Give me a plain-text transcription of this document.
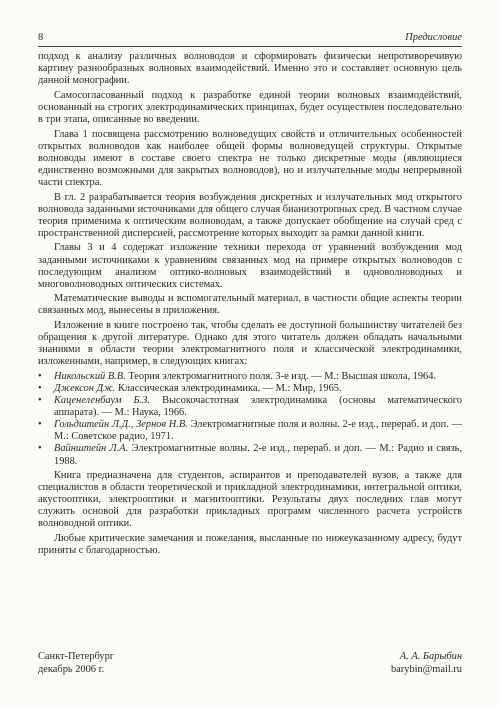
8	Предисловие

подход к анализу различных волноводов и сформировать физически непротиворечивую картину разнообразных волновых взаимодействий. Именно это и составляет основную цель данной монографии.

Самосогласованный подход к разработке единой теории волновых взаимодействий, основанный на строгих электродинамических принципах, будет осуществлен последовательно в три этапа, описанные во введении.

Глава 1 посвящена рассмотрению волноведущих свойств и отличительных особенностей открытых волноводов как наиболее общей формы волноведущей структуры. Открытые волноводы имеют в составе своего спектра не только дискретные моды (являющиеся единственно возможными для закрытых волноводов), но и излучательные моды непрерывной части спектра.

В гл. 2 разрабатывается теория возбуждения дискретных и излучательных мод открытого волновода заданными источниками для общего случая бианизотропных сред. В частном случае теория применима к оптическим волноводам, а также допускает обобщение на случай сред с пространственной дисперсией, рассмотрение которых выходит за рамки данной книги.

Главы 3 и 4 содержат изложение техники перехода от уравнений возбуждения мод заданными источниками к уравнениям связанных мод на примере открытых волноводов с последующим анализом оптико-волновых взаимодействий в одноволноводных и многоволноводных оптических системах.

Математические выводы и вспомогательный материал, в частности общие аспекты теории связанных мод, вынесены в приложения.

Изложение в книге построено так, чтобы сделать ее доступной большинству читателей без обращения к другой литературе. Однако для этого читатель должен обладать начальными знаниями в области теории электромагнитного поля и классической электродинамики, изложенными, например, в следующих книгах:

• Никольский В.В. Теория электромагнитного поля. 3-е изд. — М.: Высшая школа, 1964.
• Джексон Дж. Классическая электродинамика. — М.: Мир, 1965.
• Каценеленбаум Б.З. Высокочастотная электродинамика (основы математического аппарата). — М.: Наука, 1966.
• Гольдштейн Л.Д., Зернов Н.В. Электромагнитные поля и волны. 2-е изд., перераб. и доп. — М.: Советское радио, 1971.
• Вайнштейн Л.А. Электромагнитные волны. 2-е изд., перераб. и доп. — М.: Радио и связь, 1988.

Книга предназначена для студентов, аспирантов и преподавателей вузов, а также для специалистов в области теоретической и прикладной электродинамики, интегральной оптики, акустооптики, электрооптики и магнитооптики. Результаты двух последних глав могут служить основой для разработки прикладных программ численного расчета устройств волноводной оптики.

Любые критические замечания и пожелания, высланные по нижеуказанному адресу, будут приняты с благодарностью.

Санкт-Петербург
декабрь 2006 г.
А. А. Барыбин
barybin@mail.ru
